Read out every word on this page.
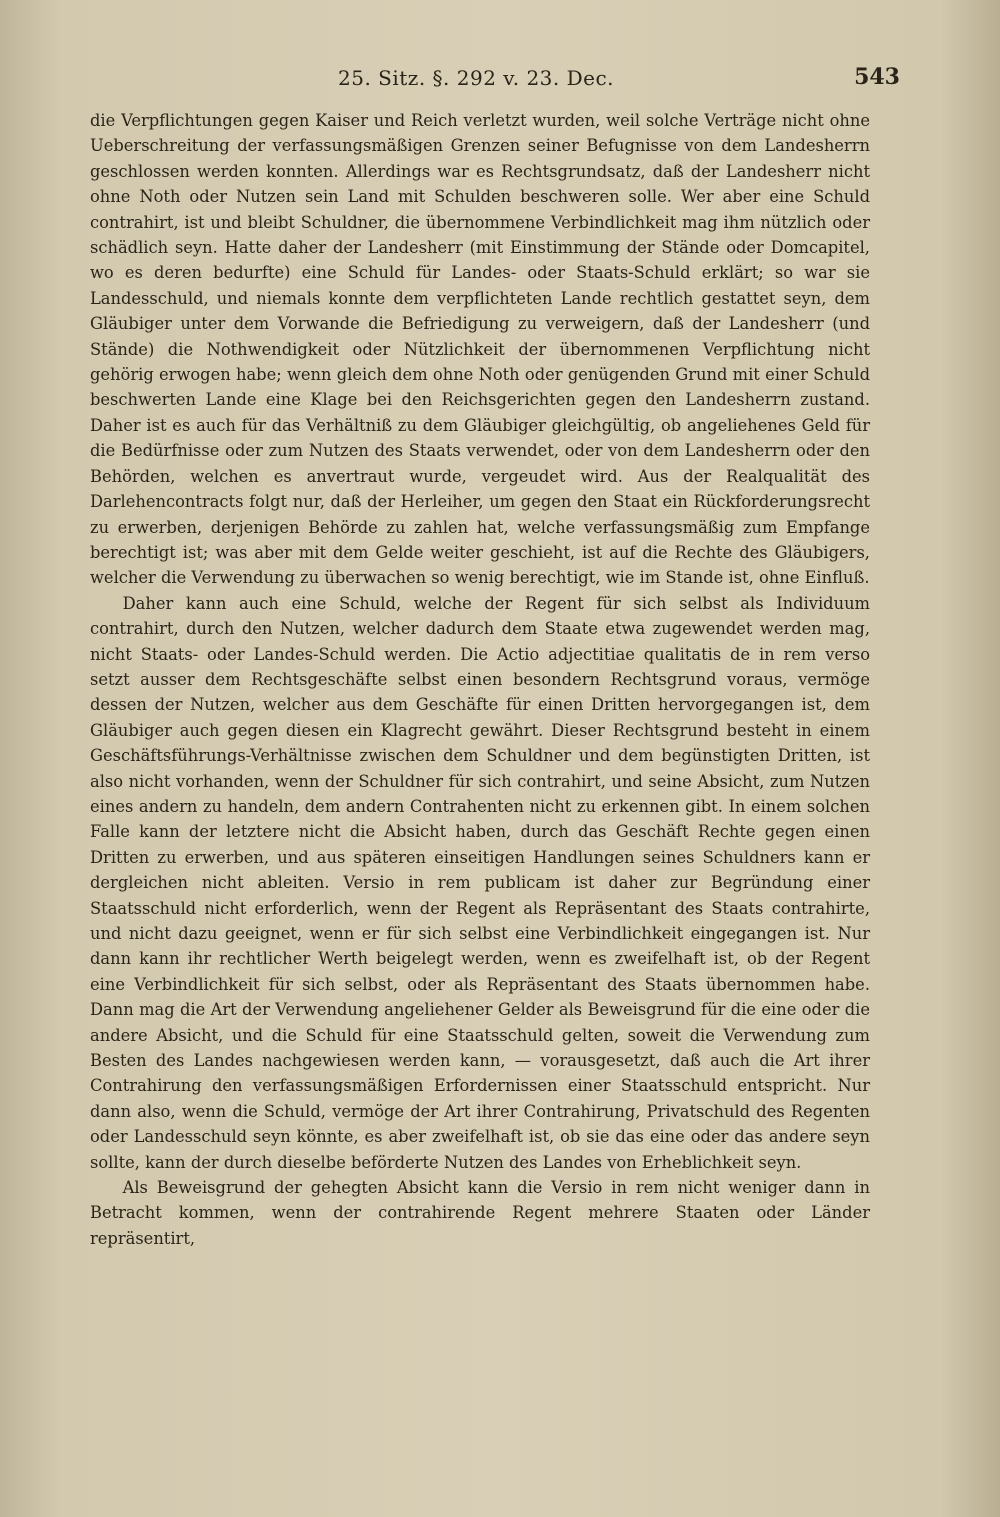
25. Sitz. §. 292 v. 23. Dec.	543

die Verpflichtungen gegen Kaiser und Reich verletzt wurden, weil solche Verträge nicht ohne Ueberschreitung der verfassungsmäßigen Grenzen seiner Befugnisse von dem Landesherrn geschlossen werden konnten. Allerdings war es Rechtsgrundsatz, daß der Landesherr nicht ohne Noth oder Nutzen sein Land mit Schulden beschweren solle. Wer aber eine Schuld contrahirt, ist und bleibt Schuldner, die übernommene Verbindlichkeit mag ihm nützlich oder schädlich seyn. Hatte daher der Landesherr (mit Einstimmung der Stände oder Domcapitel, wo es deren bedurfte) eine Schuld für Landes- oder Staats-Schuld erklärt; so war sie Landesschuld, und niemals konnte dem verpflichteten Lande rechtlich gestattet seyn, dem Gläubiger unter dem Vorwande die Befriedigung zu verweigern, daß der Landesherr (und Stände) die Nothwendigkeit oder Nützlichkeit der übernommenen Verpflichtung nicht gehörig erwogen habe; wenn gleich dem ohne Noth oder genügenden Grund mit einer Schuld beschwerten Lande eine Klage bei den Reichsgerichten gegen den Landesherrn zustand. Daher ist es auch für das Verhältniß zu dem Gläubiger gleichgültig, ob angeliehenes Geld für die Bedürfnisse oder zum Nutzen des Staats verwendet, oder von dem Landesherrn oder den Behörden, welchen es anvertraut wurde, vergeudet wird. Aus der Realqualität des Darlehencontracts folgt nur, daß der Herleiher, um gegen den Staat ein Rückforderungsrecht zu erwerben, derjenigen Behörde zu zahlen hat, welche verfassungsmäßig zum Empfange berechtigt ist; was aber mit dem Gelde weiter geschieht, ist auf die Rechte des Gläubigers, welcher die Verwendung zu überwachen so wenig berechtigt, wie im Stande ist, ohne Einfluß.

Daher kann auch eine Schuld, welche der Regent für sich selbst als Individuum contrahirt, durch den Nutzen, welcher dadurch dem Staate etwa zugewendet werden mag, nicht Staats- oder Landes-Schuld werden. Die Actio adjectitiae qualitatis de in rem verso setzt ausser dem Rechtsgeschäfte selbst einen besondern Rechtsgrund voraus, vermöge dessen der Nutzen, welcher aus dem Geschäfte für einen Dritten hervorgegangen ist, dem Gläubiger auch gegen diesen ein Klagrecht gewährt. Dieser Rechtsgrund besteht in einem Geschäftsführungs-Verhältnisse zwischen dem Schuldner und dem begünstigten Dritten, ist also nicht vorhanden, wenn der Schuldner für sich contrahirt, und seine Absicht, zum Nutzen eines andern zu handeln, dem andern Contrahenten nicht zu erkennen gibt. In einem solchen Falle kann der letztere nicht die Absicht haben, durch das Geschäft Rechte gegen einen Dritten zu erwerben, und aus späteren einseitigen Handlungen seines Schuldners kann er dergleichen nicht ableiten. Versio in rem publicam ist daher zur Begründung einer Staatsschuld nicht erforderlich, wenn der Regent als Repräsentant des Staats contrahirte, und nicht dazu geeignet, wenn er für sich selbst eine Verbindlichkeit eingegangen ist. Nur dann kann ihr rechtlicher Werth beigelegt werden, wenn es zweifelhaft ist, ob der Regent eine Verbindlichkeit für sich selbst, oder als Repräsentant des Staats übernommen habe. Dann mag die Art der Verwendung angeliehener Gelder als Beweisgrund für die eine oder die andere Absicht, und die Schuld für eine Staatsschuld gelten, soweit die Verwendung zum Besten des Landes nachgewiesen werden kann, — vorausgesetzt, daß auch die Art ihrer Contrahirung den verfassungsmäßigen Erfordernissen einer Staatsschuld entspricht. Nur dann also, wenn die Schuld, vermöge der Art ihrer Contrahirung, Privatschuld des Regenten oder Landesschuld seyn könnte, es aber zweifelhaft ist, ob sie das eine oder das andere seyn sollte, kann der durch dieselbe beförderte Nutzen des Landes von Erheblichkeit seyn.

Als Beweisgrund der gehegten Absicht kann die Versio in rem nicht weniger dann in Betracht kommen, wenn der contrahirende Regent mehrere Staaten oder Länder repräsentirt,
